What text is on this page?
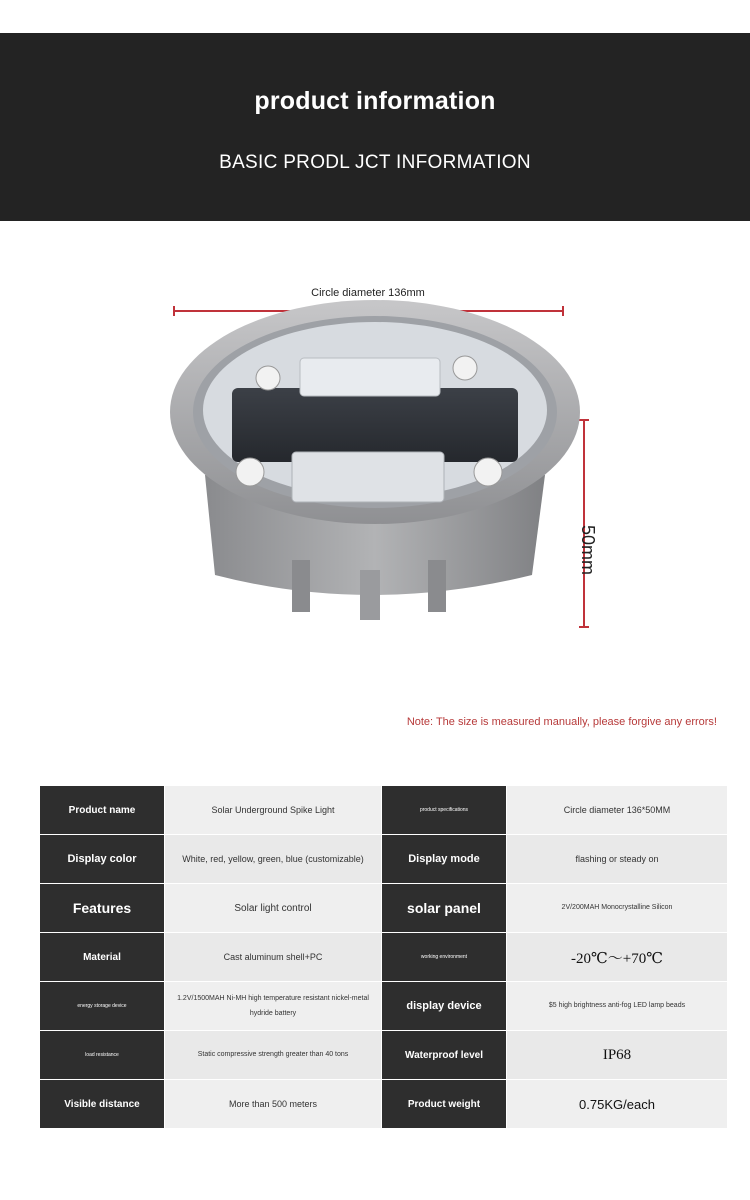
product information
BASIC PRODL JCT INFORMATION
Circle diameter 136mm
50mm
Note: The size is measured manually, please forgive any errors!
Product name	Solar Underground Spike Light	product specifications	Circle diameter 136*50MM
Display color	White, red, yellow, green, blue (customizable)	Display mode	flashing or steady on
Features	Solar light control	solar panel	2V/200MAH Monocrystalline Silicon
Material	Cast aluminum shell+PC	working environment	-20℃～+70℃
energy storage device	1.2V/1500MAH Ni-MH high temperature resistant nickel-metal hydride battery	display device	$5 high brightness anti-fog LED lamp beads
load resistance	Static compressive strength greater than 40 tons	Waterproof level	IP68
Visible distance	More than 500 meters	Product weight	0.75KG/each
